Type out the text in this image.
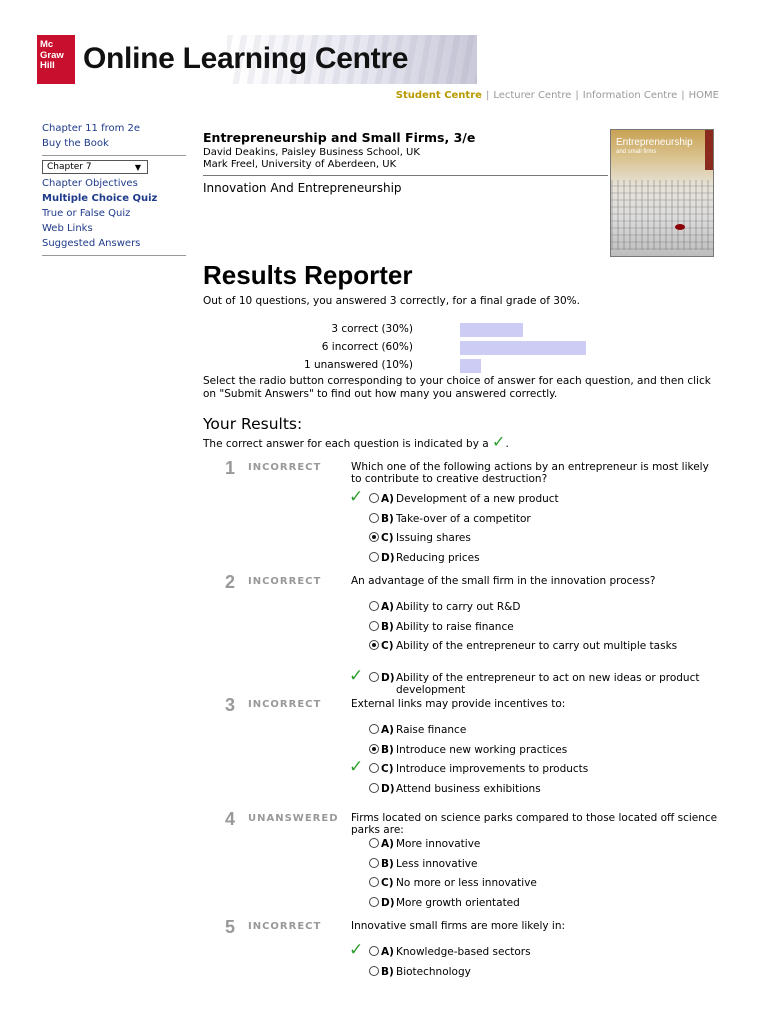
Mc
Graw
Hill Online Learning Centre
Student Centre | Lecturer Centre | Information Centre | HOME
Chapter 11 from 2e
Buy the Book
Chapter 7	▼
Chapter Objectives
Multiple Choice Quiz
True or False Quiz
Web Links
Suggested Answers
Entrepreneurship and Small Firms, 3/e
David Deakins, Paisley Business School, UK
Mark Freel, University of Aberdeen, UK
Innovation And Entrepreneurship
Entrepreneurship
and small firms
Results Reporter
Out of 10 questions, you answered 3 correctly, for a final grade of 30%.
3 correct (30%)
6 incorrect (60%)
1 unanswered (10%)
Select the radio button corresponding to your choice of answer for each question, and then click on "Submit Answers" to find out how many you answered correctly.
Your Results:
The correct answer for each question is indicated by a ✓.
1	INCORRECT	Which one of the following actions by an entrepreneur is most likely to contribute to creative destruction?
✓ A) Development of a new product
B) Take-over of a competitor
C) Issuing shares
D) Reducing prices
2	INCORRECT	An advantage of the small firm in the innovation process?
A) Ability to carry out R&D
B) Ability to raise finance
C) Ability of the entrepreneur to carry out multiple tasks
✓ D) Ability of the entrepreneur to act on new ideas or product development
3	INCORRECT	External links may provide incentives to:
A) Raise finance
B) Introduce new working practices
✓ C) Introduce improvements to products
D) Attend business exhibitions
4	UNANSWERED Firms located on science parks compared to those located off science parks are:
A) More innovative
B) Less innovative
C) No more or less innovative
D) More growth orientated
5	INCORRECT	Innovative small firms are more likely in:
✓ A) Knowledge-based sectors
B) Biotechnology
